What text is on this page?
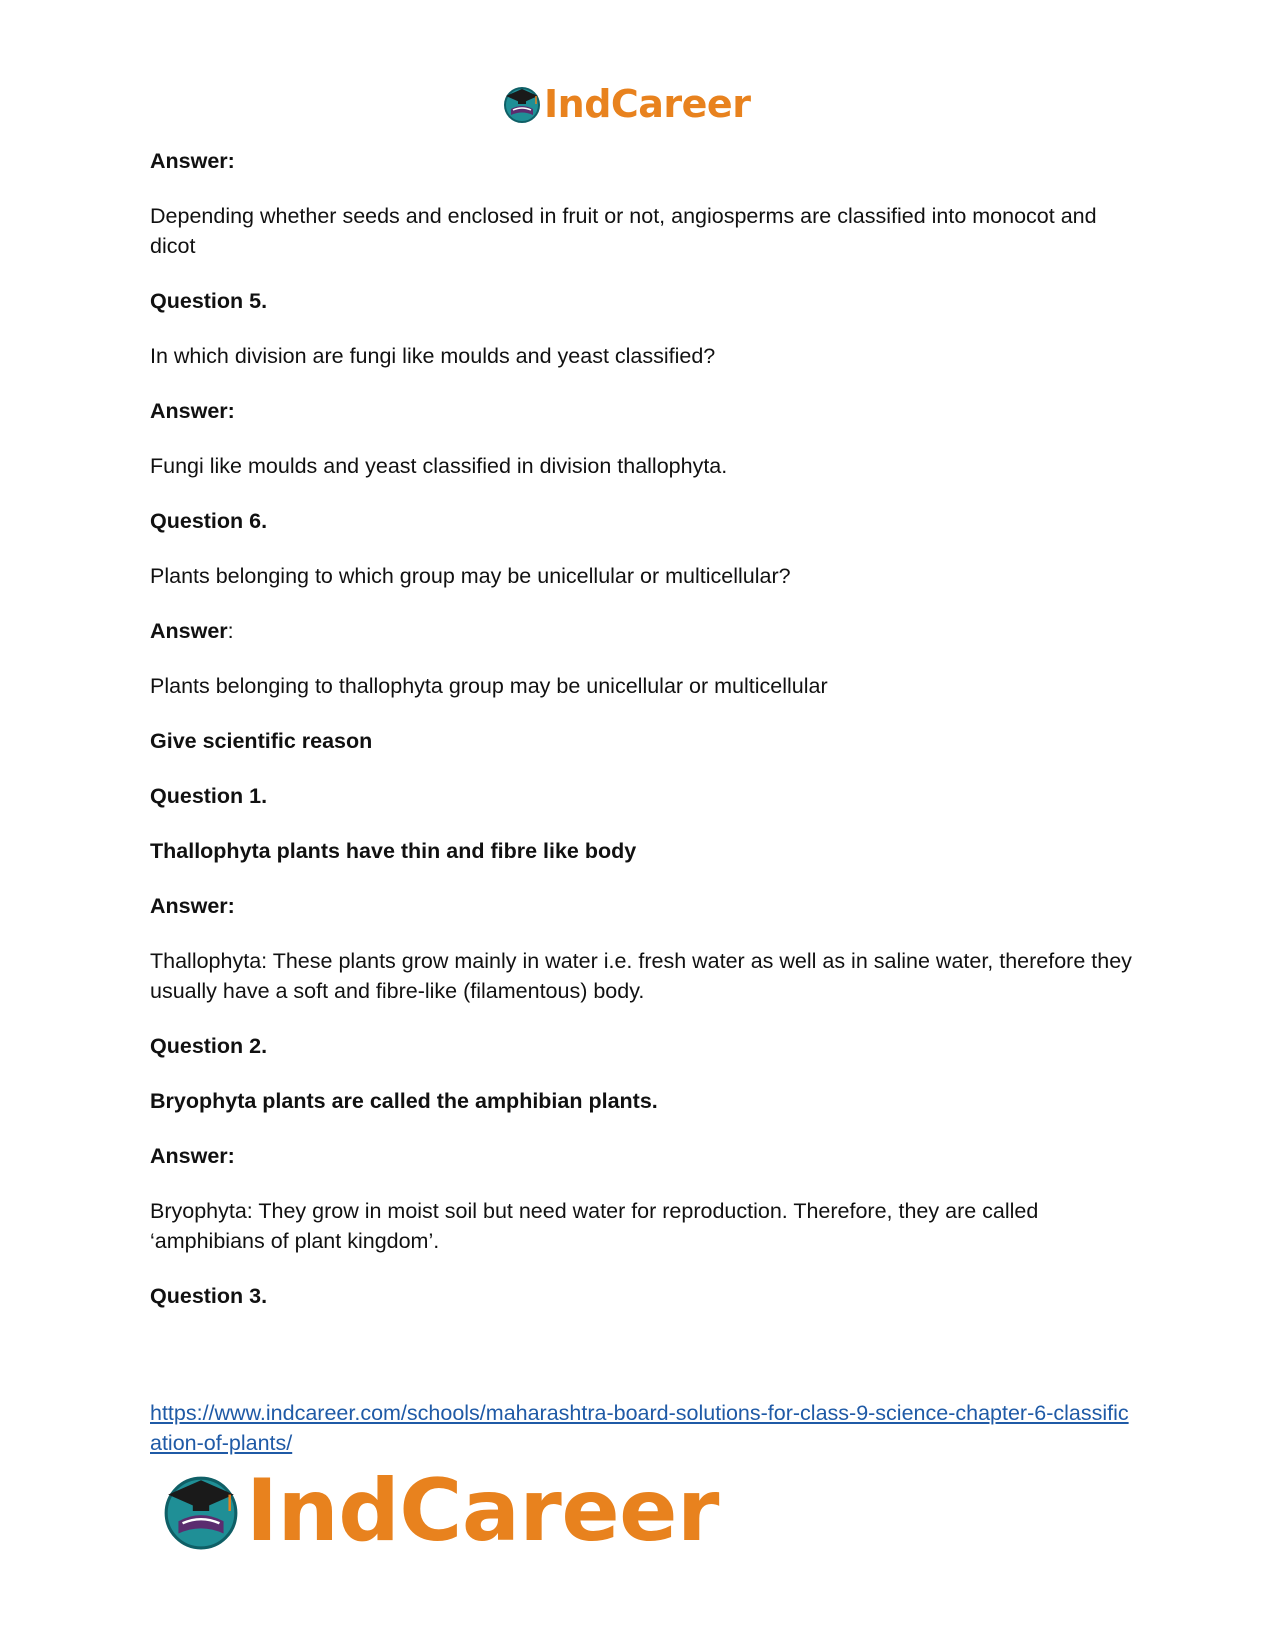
IndCareer

Answer:

Depending whether seeds and enclosed in fruit or not, angiosperms are classified into monocot and dicot

Question 5.

In which division are fungi like moulds and yeast classified?

Answer:

Fungi like moulds and yeast classified in division thallophyta.

Question 6.

Plants belonging to which group may be unicellular or multicellular?

Answer:

Plants belonging to thallophyta group may be unicellular or multicellular

Give scientific reason

Question 1.

Thallophyta plants have thin and fibre like body

Answer:

Thallophyta: These plants grow mainly in water i.e. fresh water as well as in saline water, therefore they usually have a soft and fibre-like (filamentous) body.

Question 2.

Bryophyta plants are called the amphibian plants.

Answer:

Bryophyta: They grow in moist soil but need water for reproduction. Therefore, they are called ‘amphibians of plant kingdom’.

Question 3.

https://www.indcareer.com/schools/maharashtra-board-solutions-for-class-9-science-chapter-6-classification-of-plants/
IndCareer
